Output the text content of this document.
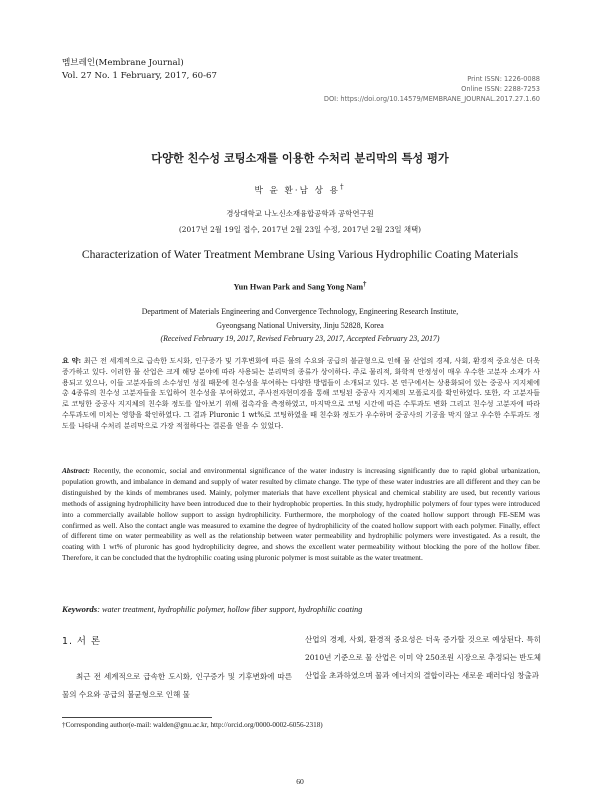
멤브레인(Membrane Journal)
Vol. 27 No. 1 February, 2017, 60-67	Print ISSN: 1226-0088
Online ISSN: 2288-7253
DOI: https://doi.org/10.14579/MEMBRANE_JOURNAL.2017.27.1.60
다양한 친수성 코팅소재를 이용한 수처리 분리막의 특성 평가
박 윤 환·남 상 용†
경상대학교 나노신소재융합공학과 공학연구원
(2017년 2월 19일 접수, 2017년 2월 23일 수정, 2017년 2월 23일 채택)
Characterization of Water Treatment Membrane Using Various Hydrophilic Coating Materials
Yun Hwan Park and Sang Yong Nam†
Department of Materials Engineering and Convergence Technology, Engineering Research Institute,
Gyeongsang National University, Jinju 52828, Korea
(Received February 19, 2017, Revised February 23, 2017, Accepted February 23, 2017)
요 약: 최근 전 세계적으로 급속한 도시화, 인구증가 및 기후변화에 따른 물의 수요와 공급의 불균형으로 인해 물 산업의 경제, 사회, 환경적 중요성은 더욱 증가하고 있다. 이러한 물 산업은 크게 해당 분야에 따라 사용되는 분리막의 종류가 상이하다. 주로 물리적, 화학적 안정성이 매우 우수한 고분자 소재가 사용되고 있으나, 이들 고분자들의 소수성인 성질 때문에 친수성을 부여하는 다양한 방법들이 소개되고 있다. 본 연구에서는 상용화되어 있는 중공사 지지체에 총 4종류의 친수성 고분자들을 도입하여 친수성을 부여하였고, 주사전자현미경을 통해 코팅된 중공사 지지체의 모폴로지를 확인하였다. 또한, 각 고분자들로 코팅한 중공사 지지체의 친수화 정도를 알아보기 위해 접촉각을 측정하였고, 마지막으로 코팅 시간에 따른 수투과도 변화 그리고 친수성 고분자에 따라 수투과도에 미치는 영향을 확인하였다. 그 결과 Pluronic 1 wt%로 코팅하였을 때 친수화 정도가 우수하며 중공사의 기공을 막지 않고 우수한 수투과도 정도를 나타내 수처리 분리막으로 가장 적절하다는 결론을 얻을 수 있었다.
Abstract: Recently, the economic, social and environmental significance of the water industry is increasing significantly due to rapid global urbanization, population growth, and imbalance in demand and supply of water resulted by climate change. The type of these water industries are all different and they can be distinguished by the kinds of membranes used. Mainly, polymer materials that have excellent physical and chemical stability are used, but recently various methods of assigning hydrophilicity have been introduced due to their hydrophobic properties. In this study, hydrophilic polymers of four types were introduced into a commercially available hollow support to assign hydrophilicity. Furthermore, the morphology of the coated hollow support through FE-SEM was confirmed as well. Also the contact angle was measured to examine the degree of hydrophilicity of the coated hollow support with each polymer. Finally, effect of different time on water permeability as well as the relationship between water permeability and hydrophilic polymers were investigated. As a result, the coating with 1 wt% of pluronic has good hydrophilicity degree, and shows the excellent water permeability without blocking the pore of the hollow fiber. Therefore, it can be concluded that the hydrophilic coating using pluronic polymer is most suitable as the water treatment.
Keywords: water treatment, hydrophilic polymer, hollow fiber support, hydrophilic coating
1. 서 론

최근 전 세계적으로 급속한 도시화, 인구증가 및 기후변화에 따른 물의 수요와 공급의 불균형으로 인해 물

산업의 경제, 사회, 환경적 중요성은 더욱 증가할 것으로 예상된다. 특히 2010년 기준으로 물 산업은 이미 약 250조원 시장으로 추정되는 반도체 산업을 초과하였으며 물과 에너지의 결합이라는 새로운 패러다임 창출과

†Corresponding author(e-mail: walden@gnu.ac.kr, http://orcid.org/0000-0002-6056-2318)
60
